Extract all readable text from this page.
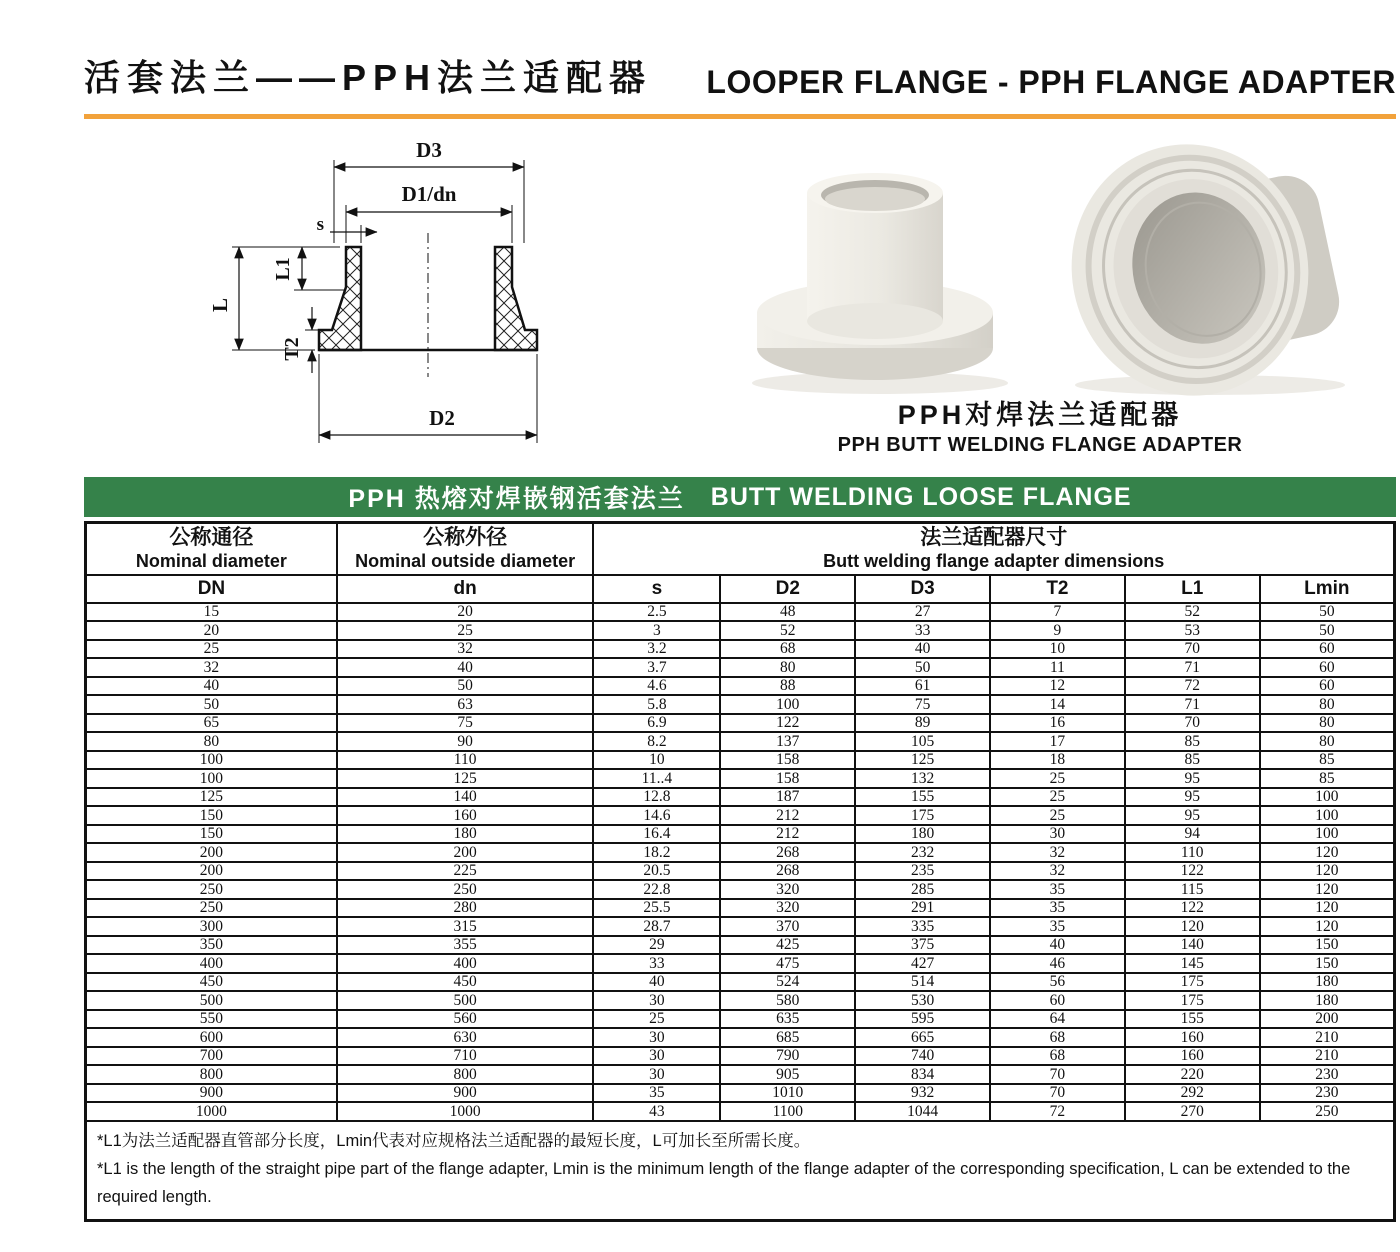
活套法兰——PPH法兰适配器 LOOPER FLANGE - PPH FLANGE ADAPTER
D3
D1/dn
s
L
L1
T2
D2	PPH对焊法兰适配器
PPH BUTT WELDING FLANGE ADAPTER
PPH 热熔对焊嵌钢活套法兰 BUTT WELDING LOOSE FLANGE
公称通径
Nominal diameter

公称外径
Nominal outside diameter

法兰适配器尺寸
Butt welding flange adapter dimensions

DN	dn	s	D2	D3	T2	L1	Lmin
15	20	2.5	48	27	7	52	50
20	25	3	52	33	9	53	50
25	32	3.2	68	40	10	70	60
32	40	3.7	80	50	11	71	60
40	50	4.6	88	61	12	72	60
50	63	5.8	100	75	14	71	80
65	75	6.9	122	89	16	70	80
80	90	8.2	137	105	17	85	80
100	110	10	158	125	18	85	85
100	125	11..4	158	132	25	95	85
125	140	12.8	187	155	25	95	100
150	160	14.6	212	175	25	95	100
150	180	16.4	212	180	30	94	100
200	200	18.2	268	232	32	110	120
200	225	20.5	268	235	32	122	120
250	250	22.8	320	285	35	115	120
250	280	25.5	320	291	35	122	120
300	315	28.7	370	335	35	120	120
350	355	29	425	375	40	140	150
400	400	33	475	427	46	145	150
450	450	40	524	514	56	175	180
500	500	30	580	530	60	175	180
550	560	25	635	595	64	155	200
600	630	30	685	665	68	160	210
700	710	30	790	740	68	160	210
800	800	30	905	834	70	220	230
900	900	35	1010	932	70	292	230
1000	1000	43	1100	1044	72	270	250

*L1为法兰适配器直管部分长度，Lmin代表对应规格法兰适配器的最短长度，L可加长至所需长度。
*L1 is the length of the straight pipe part of the flange adapter, Lmin is the minimum length of the flange adapter of the corresponding specification, L can be extended to the required length.							
